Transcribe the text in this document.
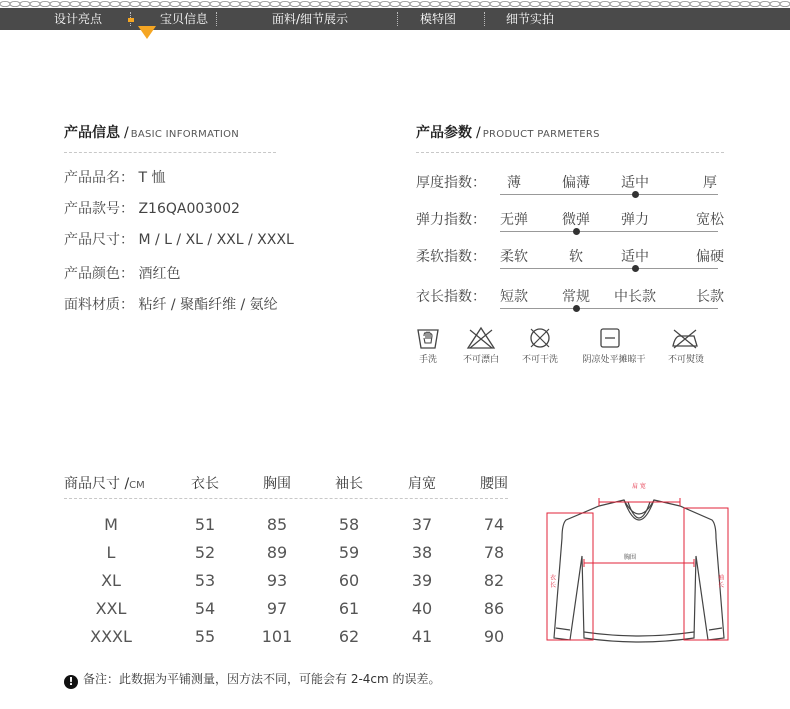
设计亮点	宝贝信息	面料/细节展示	模特图	细节实拍
产品信息 / BASIC INFORMATION
产品品名： T 恤
产品款号： Z16QA003002
产品尺寸： M / L / XL / XXL / XXXL
产品颜色： 酒红色
面料材质： 粘纤 / 聚酯纤维 / 氨纶
产品参数 / PRODUCT PARMETERS
厚度指数： 薄	偏薄 适中	厚
弹力指数： 无弹 微弹 弹力	宽松
柔软指数： 柔软	软	适中	偏硬
衣长指数： 短款 常规 中长款	长款
手洗	不可漂白	不可干洗	阴凉处平摊晾干 不可熨烫
商品尺寸 /CM	衣长	胸围	袖长	肩宽	腰围
M	51	85	58	37	74
L	52	89	59	38	78
XL	53	93	60	39	82
XXL	54	97	61	40	86
XXXL	55	101	62	41	90
肩 宽
胸围
衣 长	袖 长
! 备注：此数据为平铺测量，因方法不同，可能会有 2-4cm 的误差。
